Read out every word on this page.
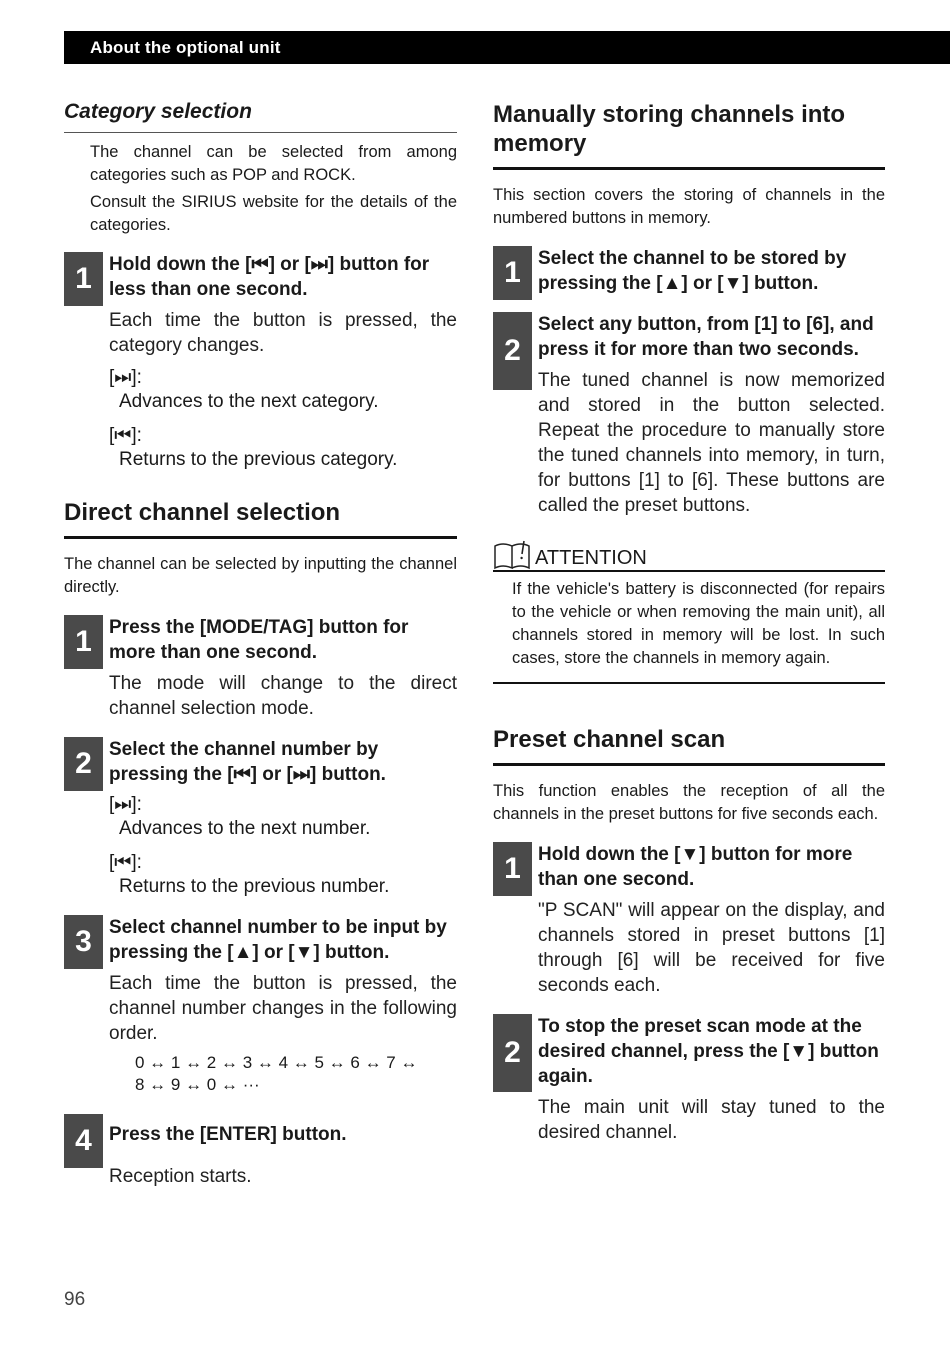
About the optional unit
Category selection

The channel can be selected from among categories such as POP and ROCK.

Consult the SIRIUS website for the details of the categories.

1 Hold down the [⏮] or [⏭] button for less than one second.

Each time the button is pressed, the category changes.

[⏭]:

Advances to the next category.

[⏮]:

Returns to the previous category.

Direct channel selection

The channel can be selected by inputting the channel directly.

1 Press the [MODE/TAG] button for more than one second.

The mode will change to the direct channel selection mode.

2 Select the channel number by pressing the [⏮] or [⏭] button.

[⏭]:

Advances to the next number.

[⏮]:

Returns to the previous number.

3 Select channel number to be input by pressing the [▲] or [▼] button.

Each time the button is pressed, the channel number changes in the following order.

0 ↔ 1 ↔ 2 ↔ 3 ↔ 4 ↔ 5 ↔ 6 ↔ 7 ↔

8 ↔ 9 ↔ 0 ↔ ···

4 Press the [ENTER] button.

Reception starts.

Manually storing channels into memory

This section covers the storing of channels in the numbered buttons in memory.

1 Select the channel to be stored by pressing the [▲] or [▼] button.

2

Select any button, from [1] to [6], and press it for more than two seconds.

The tuned channel is now memorized and stored in the button selected. Repeat the procedure to manually store the tuned channels into memory, in turn, for buttons [1] to [6]. These buttons are called the preset buttons.

ATTENTION

If the vehicle's battery is disconnected (for repairs to the vehicle or when removing the main unit), all channels stored in memory will be lost. In such cases, store the channels in memory again.

Preset channel scan

This function enables the reception of all the channels in the preset buttons for five seconds each.

1 Hold down the [▼] button for more than one second.

"P SCAN" will appear on the display, and channels stored in preset buttons [1] through [6] will be received for five seconds each.

2

To stop the preset scan mode at the desired channel, press the [▼] button again.

The main unit will stay tuned to the desired channel.

96
